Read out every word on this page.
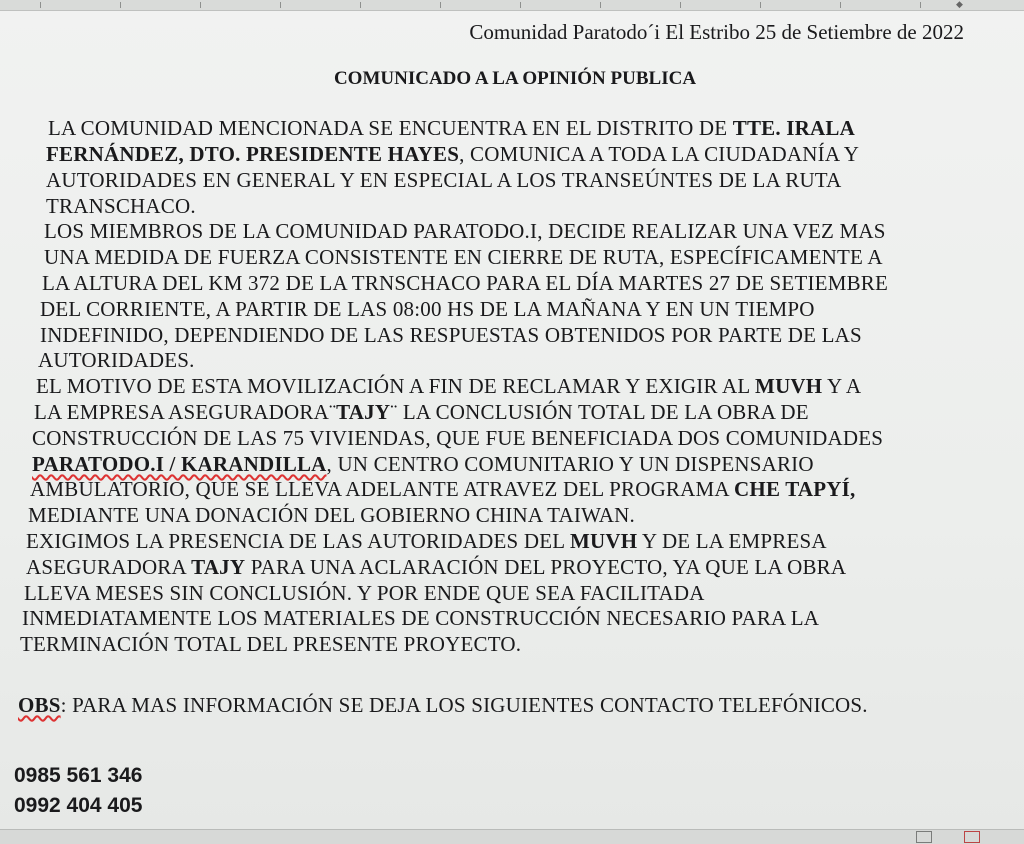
◆
Comunidad Paratodo´i El Estribo 25 de Setiembre de 2022
COMUNICADO A LA OPINIÓN PUBLICA
LA COMUNIDAD MENCIONADA SE ENCUENTRA EN EL DISTRITO DE TTE. IRALA
FERNÁNDEZ, DTO. PRESIDENTE HAYES, COMUNICA A TODA LA CIUDADANÍA Y
AUTORIDADES EN GENERAL Y EN ESPECIAL A LOS TRANSEÚNTES DE LA RUTA
TRANSCHACO.
LOS MIEMBROS DE LA COMUNIDAD PARATODO.I, DECIDE REALIZAR UNA VEZ MAS
UNA MEDIDA DE FUERZA CONSISTENTE EN CIERRE DE RUTA, ESPECÍFICAMENTE A
LA ALTURA DEL KM 372 DE LA TRNSCHACO PARA EL DÍA MARTES 27 DE SETIEMBRE
DEL CORRIENTE, A PARTIR DE LAS 08:00 HS DE LA MAÑANA Y EN UN TIEMPO
INDEFINIDO, DEPENDIENDO DE LAS RESPUESTAS OBTENIDOS POR PARTE DE LAS
AUTORIDADES.
EL MOTIVO DE ESTA MOVILIZACIÓN A FIN DE RECLAMAR Y EXIGIR AL MUVH Y A
LA EMPRESA ASEGURADORA¨TAJY¨ LA CONCLUSIÓN TOTAL DE LA OBRA DE
CONSTRUCCIÓN DE LAS 75 VIVIENDAS, QUE FUE BENEFICIADA DOS COMUNIDADES
PARATODO.I / KARANDILLA, UN CENTRO COMUNITARIO Y UN DISPENSARIO
AMBULATORIO, QUE SE LLEVA ADELANTE ATRAVEZ DEL PROGRAMA CHE TAPYÍ,
MEDIANTE UNA DONACIÓN DEL GOBIERNO CHINA TAIWAN.
EXIGIMOS LA PRESENCIA DE LAS AUTORIDADES DEL MUVH Y DE LA EMPRESA
ASEGURADORA TAJY PARA UNA ACLARACIÓN DEL PROYECTO, YA QUE LA OBRA
LLEVA MESES SIN CONCLUSIÓN. Y POR ENDE QUE SEA FACILITADA
INMEDIATAMENTE LOS MATERIALES DE CONSTRUCCIÓN NECESARIO PARA LA
TERMINACIÓN TOTAL DEL PRESENTE PROYECTO.
OBS: PARA MAS INFORMACIÓN SE DEJA LOS SIGUIENTES CONTACTO TELEFÓNICOS.
0985 561 346
0992 404 405
